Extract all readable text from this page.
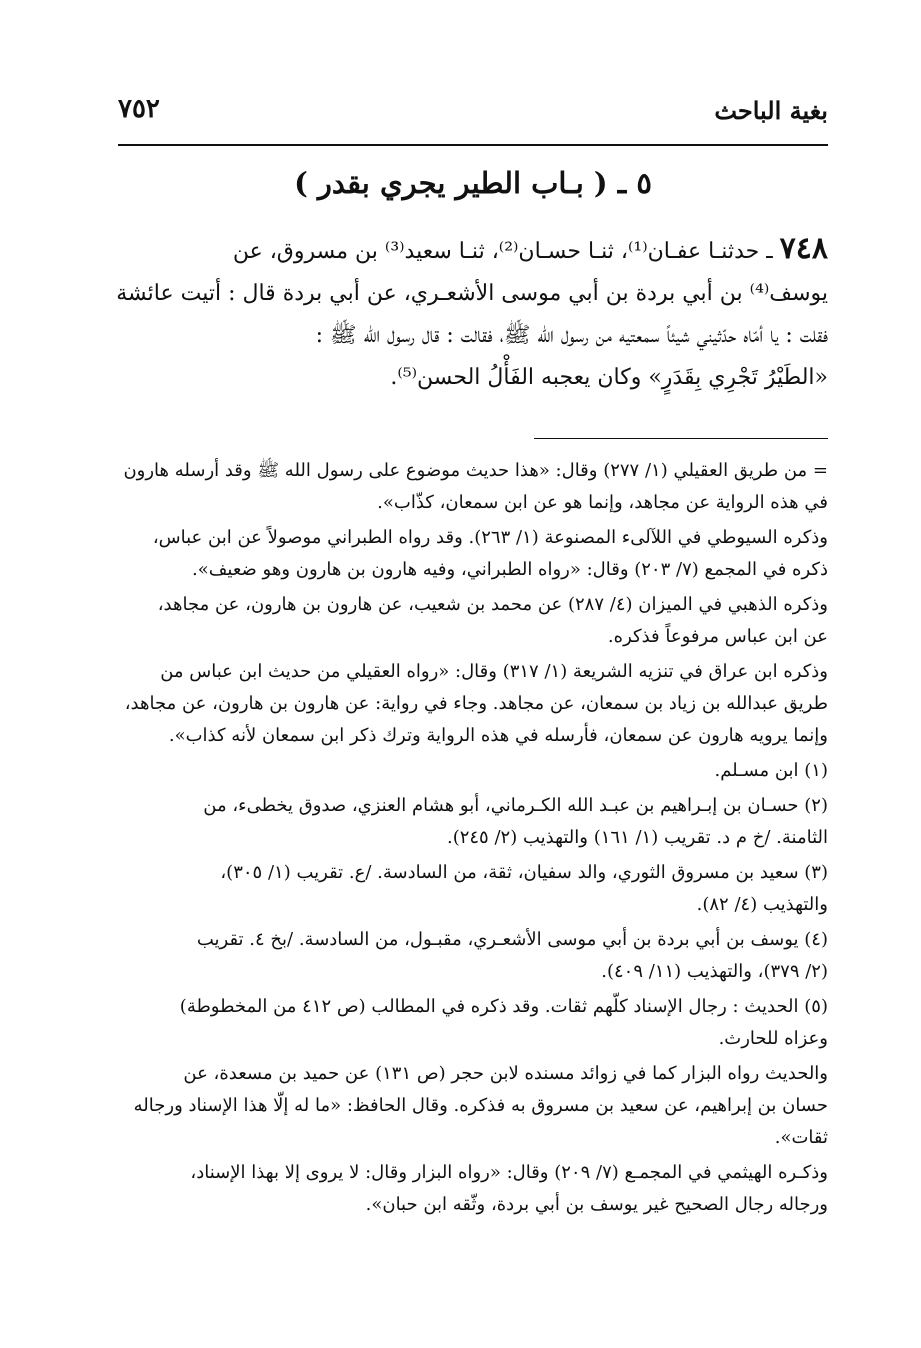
بغية الباحث
٧٥٢
٥ ـ ( بـاب الطير يجري بقدر )
٧٤٨ ـ حدثنـا عفـان⁽¹⁾، ثنـا حسـان⁽²⁾، ثنـا سعيد⁽³⁾ بن مسروق، عن
يوسف⁽⁴⁾ بن أبي بردة بن أبي موسى الأشعـري، عن أبي بردة قال : أتيت عائشة
فقلت : يا أمّاه حدّثيني شيئاً سمعتيه من رسول الله ﷺ، فقالت : قال رسول الله ﷺ :
«الطَيْرُ تَجْرِي بِقَدَرٍ» وكان يعجبه الفَأْلُ الحسن⁽⁵⁾.
= من طريق العقيلي (١/ ٢٧٧) وقال: «هذا حديث موضوع على رسول الله ﷺ وقد أرسله هارون
في هذه الرواية عن مجاهد، وإنما هو عن ابن سمعان، كذّاب».
وذكره السيوطي في اللآلىء المصنوعة (١/ ٢٦٣). وقد رواه الطبراني موصولاً عن ابن عباس،
ذكره في المجمع (٧/ ٢٠٣) وقال: «رواه الطبراني، وفيه هارون بن هارون وهو ضعيف».
وذكره الذهبي في الميزان (٤/ ٢٨٧) عن محمد بن شعيب، عن هارون بن هارون، عن مجاهد،
عن ابن عباس مرفوعاً فذكره.
وذكره ابن عراق في تنزيه الشريعة (١/ ٣١٧) وقال: «رواه العقيلي من حديث ابن عباس من
طريق عبدالله بن زياد بن سمعان، عن مجاهد. وجاء في رواية: عن هارون بن هارون، عن مجاهد،
وإنما يرويه هارون عن سمعان، فأرسله في هذه الرواية وترك ذكر ابن سمعان لأنه كذاب».
(١) ابن مسـلم.
(٢) حسـان بن إبـراهيم بن عبـد الله الكـرماني، أبو هشام العنزي، صدوق يخطىء، من
الثامنة. /خ م د. تقريب (١/ ١٦١) والتهذيب (٢/ ٢٤٥).
(٣) سعيد بن مسروق الثوري، والد سفيان، ثقة، من السادسة. /ع. تقريب (١/ ٣٠٥)،
والتهذيب (٤/ ٨٢).
(٤) يوسف بن أبي بردة بن أبي موسى الأشعـري، مقبـول، من السادسة. /بخ ٤. تقريب
(٢/ ٣٧٩)، والتهذيب (١١/ ٤٠٩).
(٥) الحديث : رجال الإسناد كلّهم ثقات. وقد ذكره في المطالب (ص ٤١٢ من المخطوطة)
وعزاه للحارث.
والحديث رواه البزار كما في زوائد مسنده لابن حجر (ص ١٣١) عن حميد بن مسعدة، عن
حسان بن إبراهيم، عن سعيد بن مسروق به فذكره. وقال الحافظ: «ما له إلّا هذا الإسناد ورجاله
ثقات».
وذكـره الهيثمي في المجمـع (٧/ ٢٠٩) وقال: «رواه البزار وقال: لا يروى إلا بهذا الإسناد،
ورجاله رجال الصحيح غير يوسف بن أبي بردة، وثّقه ابن حبان».
